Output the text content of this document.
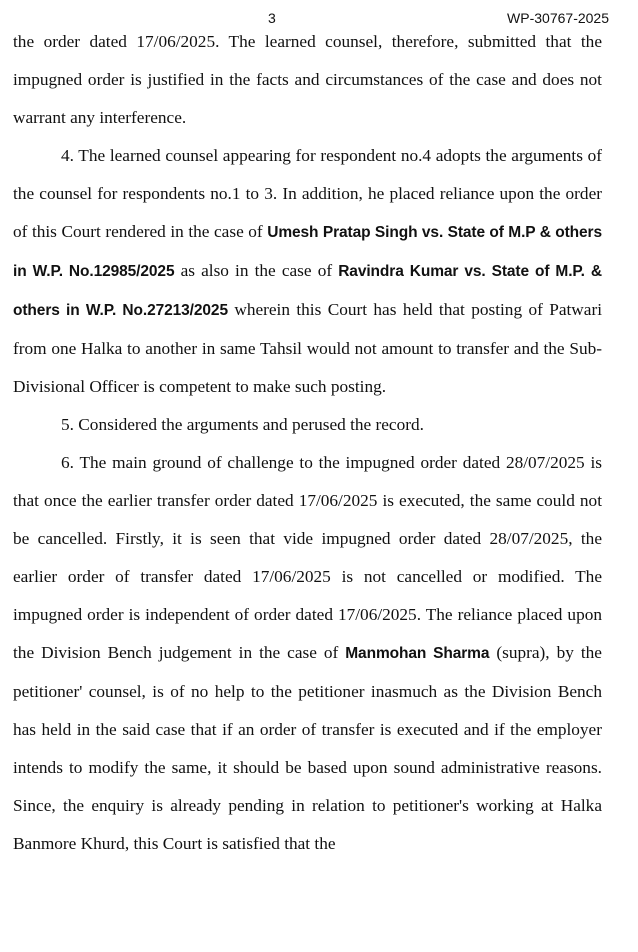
3	WP-30767-2025

the order dated 17/06/2025. The learned counsel, therefore, submitted that the impugned order is justified in the facts and circumstances of the case and does not warrant any interference.

4. The learned counsel appearing for respondent no.4 adopts the arguments of the counsel for respondents no.1 to 3. In addition, he placed reliance upon the order of this Court rendered in the case of Umesh Pratap Singh vs. State of M.P & others in W.P. No.12985/2025 as also in the case of Ravindra Kumar vs. State of M.P. & others in W.P. No.27213/2025 wherein this Court has held that posting of Patwari from one Halka to another in same Tahsil would not amount to transfer and the Sub-Divisional Officer is competent to make such posting.

5. Considered the arguments and perused the record.

6. The main ground of challenge to the impugned order dated 28/07/2025 is that once the earlier transfer order dated 17/06/2025 is executed, the same could not be cancelled. Firstly, it is seen that vide impugned order dated 28/07/2025, the earlier order of transfer dated 17/06/2025 is not cancelled or modified. The impugned order is independent of order dated 17/06/2025. The reliance placed upon the Division Bench judgement in the case of Manmohan Sharma (supra), by the petitioner' counsel, is of no help to the petitioner inasmuch as the Division Bench has held in the said case that if an order of transfer is executed and if the employer intends to modify the same, it should be based upon sound administrative reasons. Since, the enquiry is already pending in relation to petitioner's working at Halka Banmore Khurd, this Court is satisfied that the
